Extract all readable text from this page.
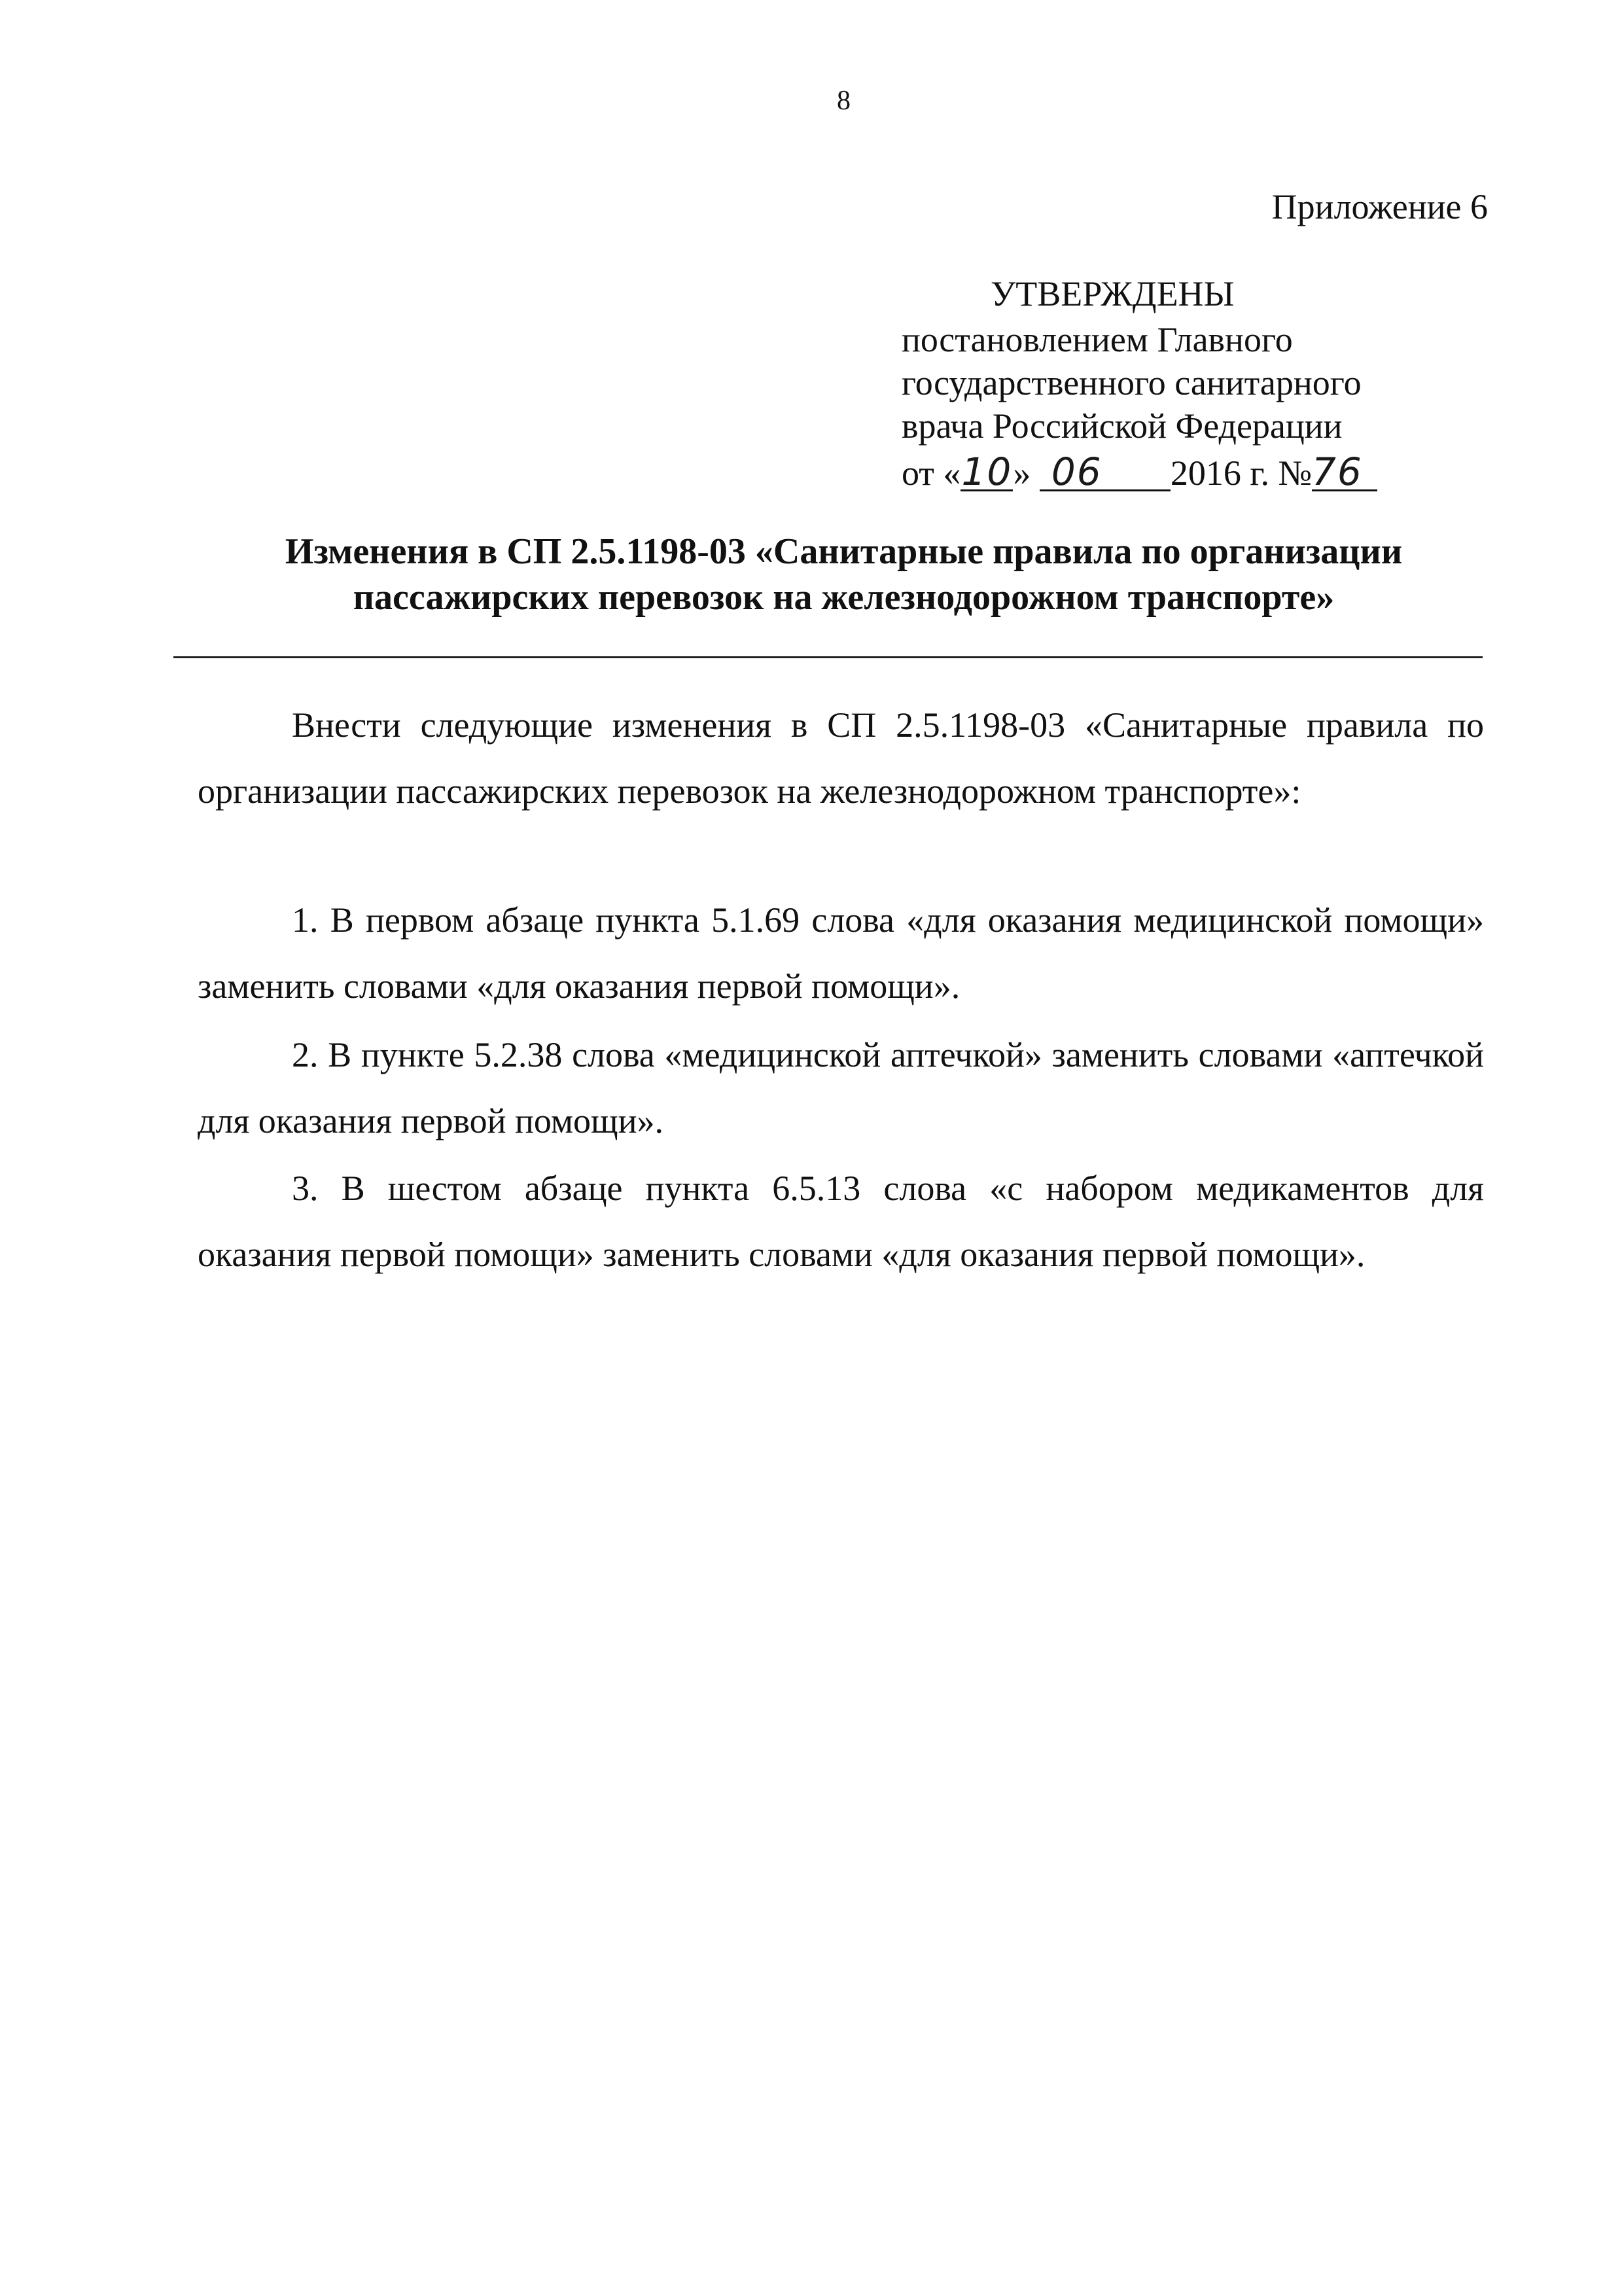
8
Приложение 6
УТВЕРЖДЕНЫ
постановлением Главного
государственного санитарного
врача Российской Федерации
от «10» 06 2016 г. №76
Изменения в СП 2.5.1198-03 «Санитарные правила по организации
пассажирских перевозок на железнодорожном транспорте»
Внести следующие изменения в СП 2.5.1198-03 «Санитарные правила по организации пассажирских перевозок на железнодорожном транспорте»:
1. В первом абзаце пункта 5.1.69 слова «для оказания медицинской помощи» заменить словами «для оказания первой помощи».
2. В пункте 5.2.38 слова «медицинской аптечкой» заменить словами «аптечкой для оказания первой помощи».
3. В шестом абзаце пункта 6.5.13 слова «с набором медикаментов для оказания первой помощи» заменить словами «для оказания первой помощи».
